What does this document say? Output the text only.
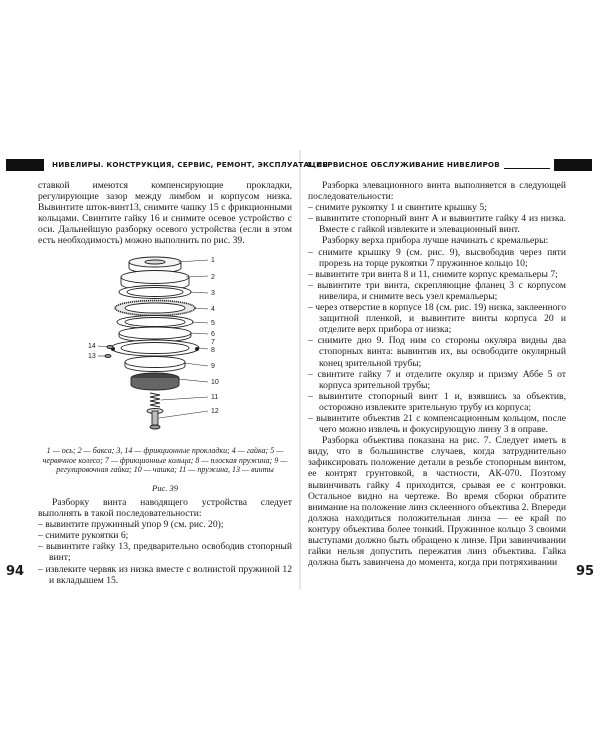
НИВЕЛИРЫ. КОНСТРУКЦИЯ, СЕРВИС, РЕМОНТ, ЭКСПЛУАТАЦИЯ

ставкой имеются компенсирующие прокладки, регулирующие зазор между лимбом и корпусом низка. Вывинтите шток-винт13, снимите чашку 15 с фрикционными кольцами. Свинтите гайку 16 и снимите осевое устройство с оси. Дальнейшую разборку осевого устройства (если в этом есть необходимость) можно выполнить по рис. 39.

1
2
3
4
5
6
7
8
9
10
11
12
13
14
1 — ось; 2 — баксa; 3, 14 — фрикционные прокладки; 4 — гайка; 5 — червячное колесо; 7 — фрикционные кольца; 8 — плоская пружина; 9 — регулировочная гайка; 10 — чашка; 11 — пружина, 13 — винты
Рис. 39

Разборку винта наводящего устройства следует выполнять в такой последовательности:

– вывинтите пружинный упор 9 (см. рис. 20);

– снимите рукоятки 6;

– вывинтите гайку 13, предварительно освободив стопорный винт;

– извлеките червяк из низка вместе с волнистой пружиной 12 и вкладышем 15.

94
4. СЕРВИСНОЕ ОБСЛУЖИВАНИЕ НИВЕЛИРОВ

Разборка элевационного винта выполняется в следующей последовательности:

– снимите рукоятку 1 и свинтите крышку 5;

– вывинтите стопорный винт А и вывинтите гайку 4 из низка. Вместе с гайкой извлеките и элевационный винт.

Разборку верха прибора лучше начинать с кремальеры:

– снимите крышку 9 (см. рис. 9), высвободив через пяти прорезь на торце рукоятки 7 пружинное кольцо 10;

– вывинтите три винта 8 и 11, снимите корпус кремальеры 7;

– вывинтите три винта, скрепляющие фланец 3 с корпусом нивелира, и снимите весь узел кремальеры;

– через отверстие в корпусе 18 (см. рис. 19) низка, заклеенного защитной пленкой, и вывинтите винты корпуса 20 и отделите верх прибора от низка;

– снимите дно 9. Под ним со стороны окуляра видны два стопорных винта: вывинтив их, вы освободите окулярный конец зрительной трубы;

– свинтите гайку 7 и отделите окуляр и призму Аббе 5 от корпуса зрительной трубы;

– вывинтите стопорный винт 1 и, взявшись за объектив, осторожно извлеките зрительную трубу из корпуса;

– вывинтите объектив 21 с компенсационным кольцом, после чего можно извлечь и фокусирующую линзу 3 в оправе.

Разборка объектива показана на рис. 7. Следует иметь в виду, что в большинстве случаев, когда затруднительно зафиксировать положение детали в резьбе стопорным винтом, ее контрят грунтовкой, в частности, АК-070. Поэтому вывинчивать гайку 4 приходится, срывая ее с контровки. Остальное видно на чертеже. Во время сборки обратите внимание на положение линз склеенного объектива 2. Впереди должна находиться положительная линза — ее край по контуру объектива более тонкий. Пружинное кольцо 3 своими выступами должно быть обращено к линзе. При завинчивании гайки нельзя допустить пережатия линз объектива. Гайка должна быть завинчена до момента, когда при потряхивании

95
